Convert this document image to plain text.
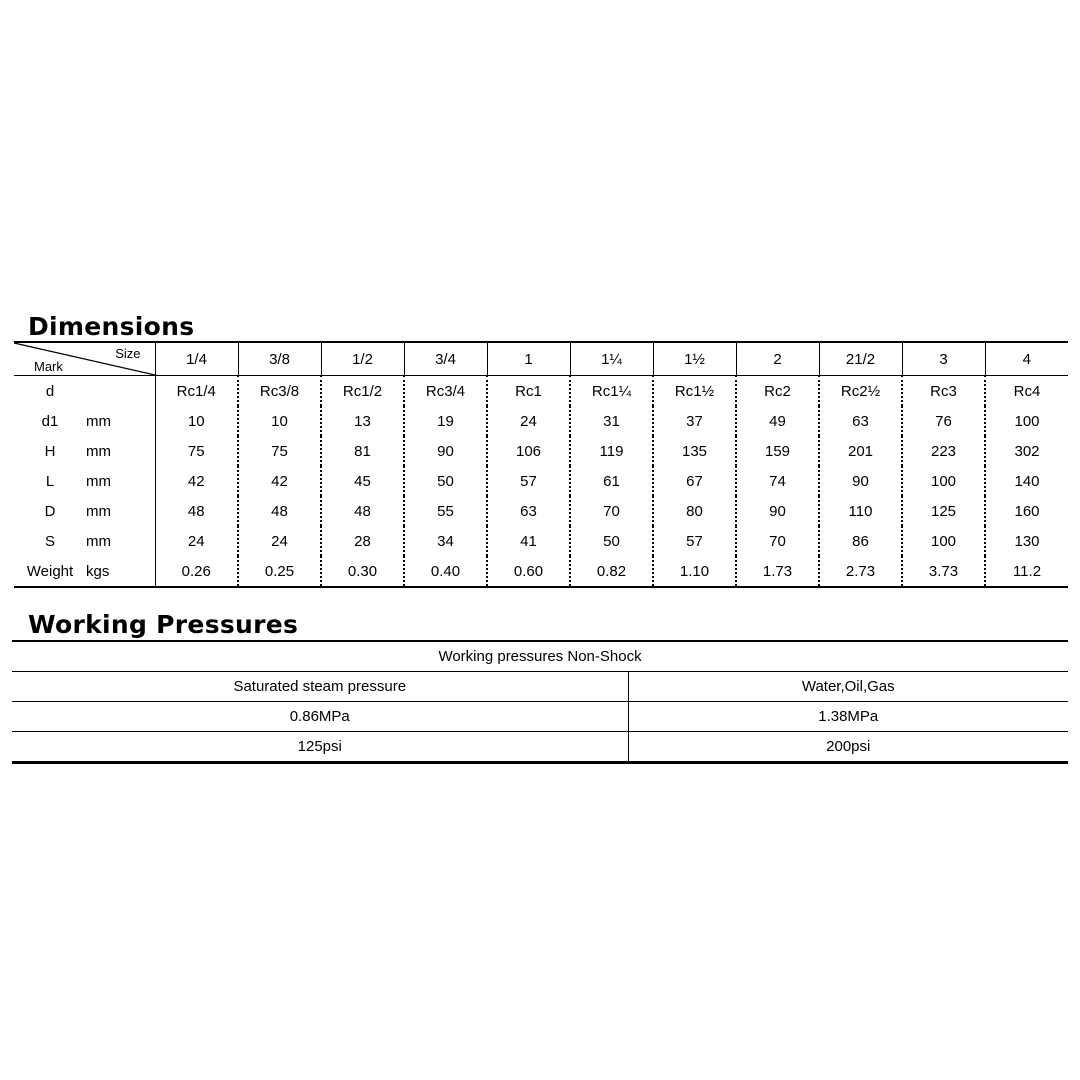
Dimensions
Size
Mark		1/4	3/8	1/2	3/4	1	1¼	1½	2	21/2	3	4
d		Rc1/4	Rc3/8	Rc1/2	Rc3/4	Rc1	Rc1¼	Rc1½	Rc2	Rc2½	Rc3	Rc4
d1	mm	10	10	13	19	24	31	37	49	63	76	100
H	mm	75	75	81	90	106	119	135	159	201	223	302
L	mm	42	42	45	50	57	61	67	74	90	100	140
D	mm	48	48	48	55	63	70	80	90	110	125	160
S	mm	24	24	28	34	41	50	57	70	86	100	130
Weight	kgs	0.26	0.25	0.30	0.40	0.60	0.82	1.10	1.73	2.73	3.73	11.2
Working Pressures
Working pressures Non-Shock	
Saturated steam pressure	Water,Oil,Gas
0.86MPa	1.38MPa
125psi	200psi
